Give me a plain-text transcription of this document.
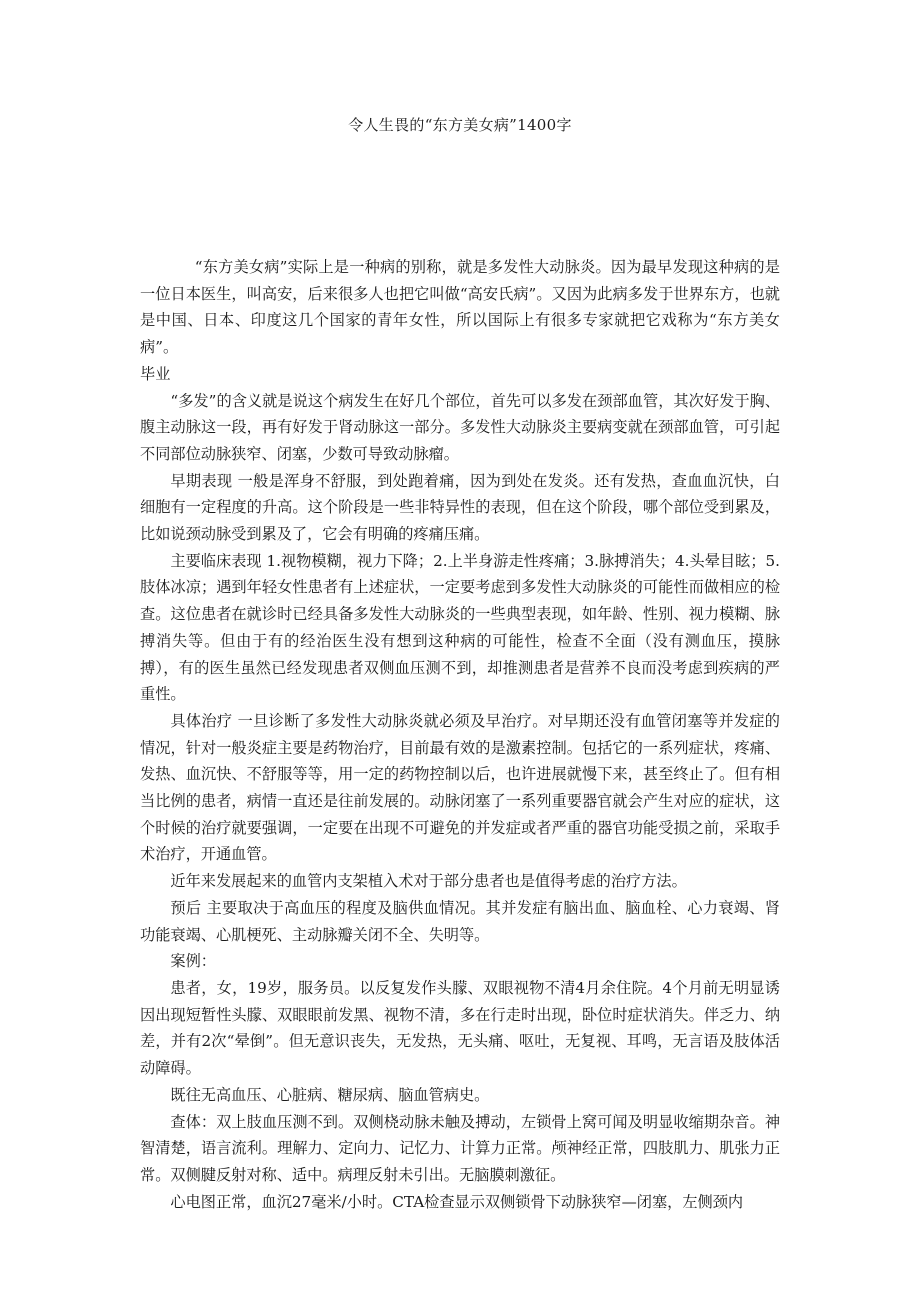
令人生畏的“东方美女病”1400字

“东方美女病”实际上是一种病的别称，就是多发性大动脉炎。因为最早发现这种病的是一位日本医生，叫高安，后来很多人也把它叫做“高安氏病”。又因为此病多发于世界东方，也就是中国、日本、印度这几个国家的青年女性，所以国际上有很多专家就把它戏称为“东方美女病”。

毕业

“多发”的含义就是说这个病发生在好几个部位，首先可以多发在颈部血管，其次好发于胸、腹主动脉这一段，再有好发于肾动脉这一部分。多发性大动脉炎主要病变就在颈部血管，可引起不同部位动脉狭窄、闭塞，少数可导致动脉瘤。

早期表现 一般是浑身不舒服，到处跑着痛，因为到处在发炎。还有发热，查血血沉快，白细胞有一定程度的升高。这个阶段是一些非特异性的表现，但在这个阶段，哪个部位受到累及，比如说颈动脉受到累及了，它会有明确的疼痛压痛。

主要临床表现 1.视物模糊，视力下降；2.上半身游走性疼痛；3.脉搏消失；4.头晕目眩；5.肢体冰凉；遇到年轻女性患者有上述症状，一定要考虑到多发性大动脉炎的可能性而做相应的检查。这位患者在就诊时已经具备多发性大动脉炎的一些典型表现，如年龄、性别、视力模糊、脉搏消失等。但由于有的经治医生没有想到这种病的可能性，检查不全面（没有测血压，摸脉搏），有的医生虽然已经发现患者双侧血压测不到，却推测患者是营养不良而没考虑到疾病的严重性。

具体治疗 一旦诊断了多发性大动脉炎就必须及早治疗。对早期还没有血管闭塞等并发症的情况，针对一般炎症主要是药物治疗，目前最有效的是激素控制。包括它的一系列症状，疼痛、发热、血沉快、不舒服等等，用一定的药物控制以后，也许进展就慢下来，甚至终止了。但有相当比例的患者，病情一直还是往前发展的。动脉闭塞了一系列重要器官就会产生对应的症状，这个时候的治疗就要强调，一定要在出现不可避免的并发症或者严重的器官功能受损之前，采取手术治疗，开通血管。

近年来发展起来的血管内支架植入术对于部分患者也是值得考虑的治疗方法。

预后 主要取决于高血压的程度及脑供血情况。其并发症有脑出血、脑血栓、心力衰竭、肾功能衰竭、心肌梗死、主动脉瓣关闭不全、失明等。

案例：

患者，女，19岁，服务员。以反复发作头朦、双眼视物不清4月余住院。4个月前无明显诱因出现短暂性头朦、双眼眼前发黑、视物不清，多在行走时出现，卧位时症状消失。伴乏力、纳差，并有2次“晕倒”。但无意识丧失，无发热，无头痛、呕吐，无复视、耳鸣，无言语及肢体活动障碍。

既往无高血压、心脏病、糖尿病、脑血管病史。

查体：双上肢血压测不到。双侧桡动脉未触及搏动，左锁骨上窝可闻及明显收缩期杂音。神智清楚，语言流利。理解力、定向力、记忆力、计算力正常。颅神经正常，四肢肌力、肌张力正常。双侧腱反射对称、适中。病理反射未引出。无脑膜刺激征。

心电图正常，血沉27毫米/小时。CTA检查显示双侧锁骨下动脉狭窄—闭塞，左侧颈内
